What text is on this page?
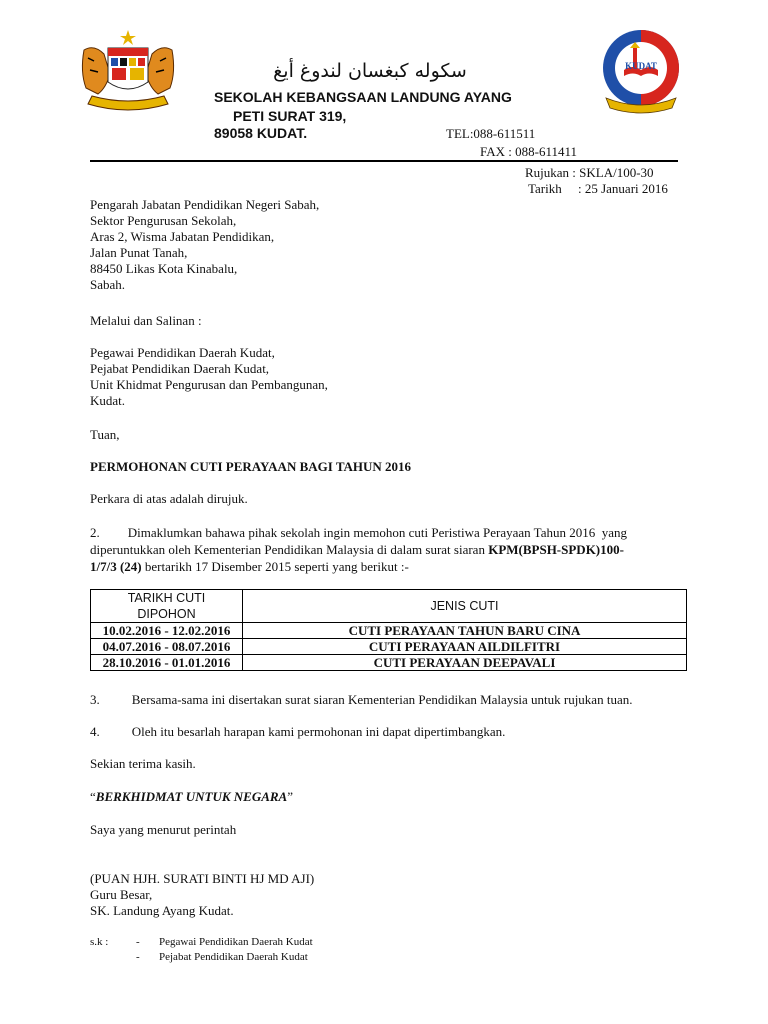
KUDAT
سکوله کبغسان لندوغ أيغ
SEKOLAH KEBANGSAAN LANDUNG AYANG
PETI SURAT 319,
89058 KUDAT.	TEL:088-611511
FAX : 088-611411
Rujukan : SKLA/100-30
Tarikh     : 25 Januari 2016
Pengarah Jabatan Pendidikan Negeri Sabah,
Sektor Pengurusan Sekolah,
Aras 2, Wisma Jabatan Pendidikan,
Jalan Punat Tanah,
88450 Likas Kota Kinabalu,
Sabah.
Melalui dan Salinan :
Pegawai Pendidikan Daerah Kudat,
Pejabat Pendidikan Daerah Kudat,
Unit Khidmat Pengurusan dan Pembangunan,
Kudat.
Tuan,
PERMOHONAN CUTI PERAYAAN BAGI TAHUN 2016
Perkara di atas adalah dirujuk.
2. Dimaklumkan bahawa pihak sekolah ingin memohon cuti Peristiwa Perayaan Tahun 2016  yang
diperuntukkan oleh Kementerian Pendidikan Malaysia di dalam surat siaran KPM(BPSH-SPDK)100-
1/7/3 (24) bertarikh 17 Disember 2015 seperti yang berikut :-
TARIKH CUTI
DIPOHON	JENIS CUTI
10.02.2016 - 12.02.2016	CUTI PERAYAAN TAHUN BARU CINA
04.07.2016 - 08.07.2016	CUTI PERAYAAN AILDILFITRI
28.10.2016 - 01.01.2016	CUTI PERAYAAN DEEPAVALI
3. Bersama-sama ini disertakan surat siaran Kementerian Pendidikan Malaysia untuk rujukan tuan.
4. Oleh itu besarlah harapan kami permohonan ini dapat dipertimbangkan.
Sekian terima kasih.
“BERKHIDMAT UNTUK NEGARA”
Saya yang menurut perintah
(PUAN HJH. SURATI BINTI HJ MD AJI)
Guru Besar,
SK. Landung Ayang Kudat.
s.k :	- Pegawai Pendidikan Daerah Kudat
- Pejabat Pendidikan Daerah Kudat
